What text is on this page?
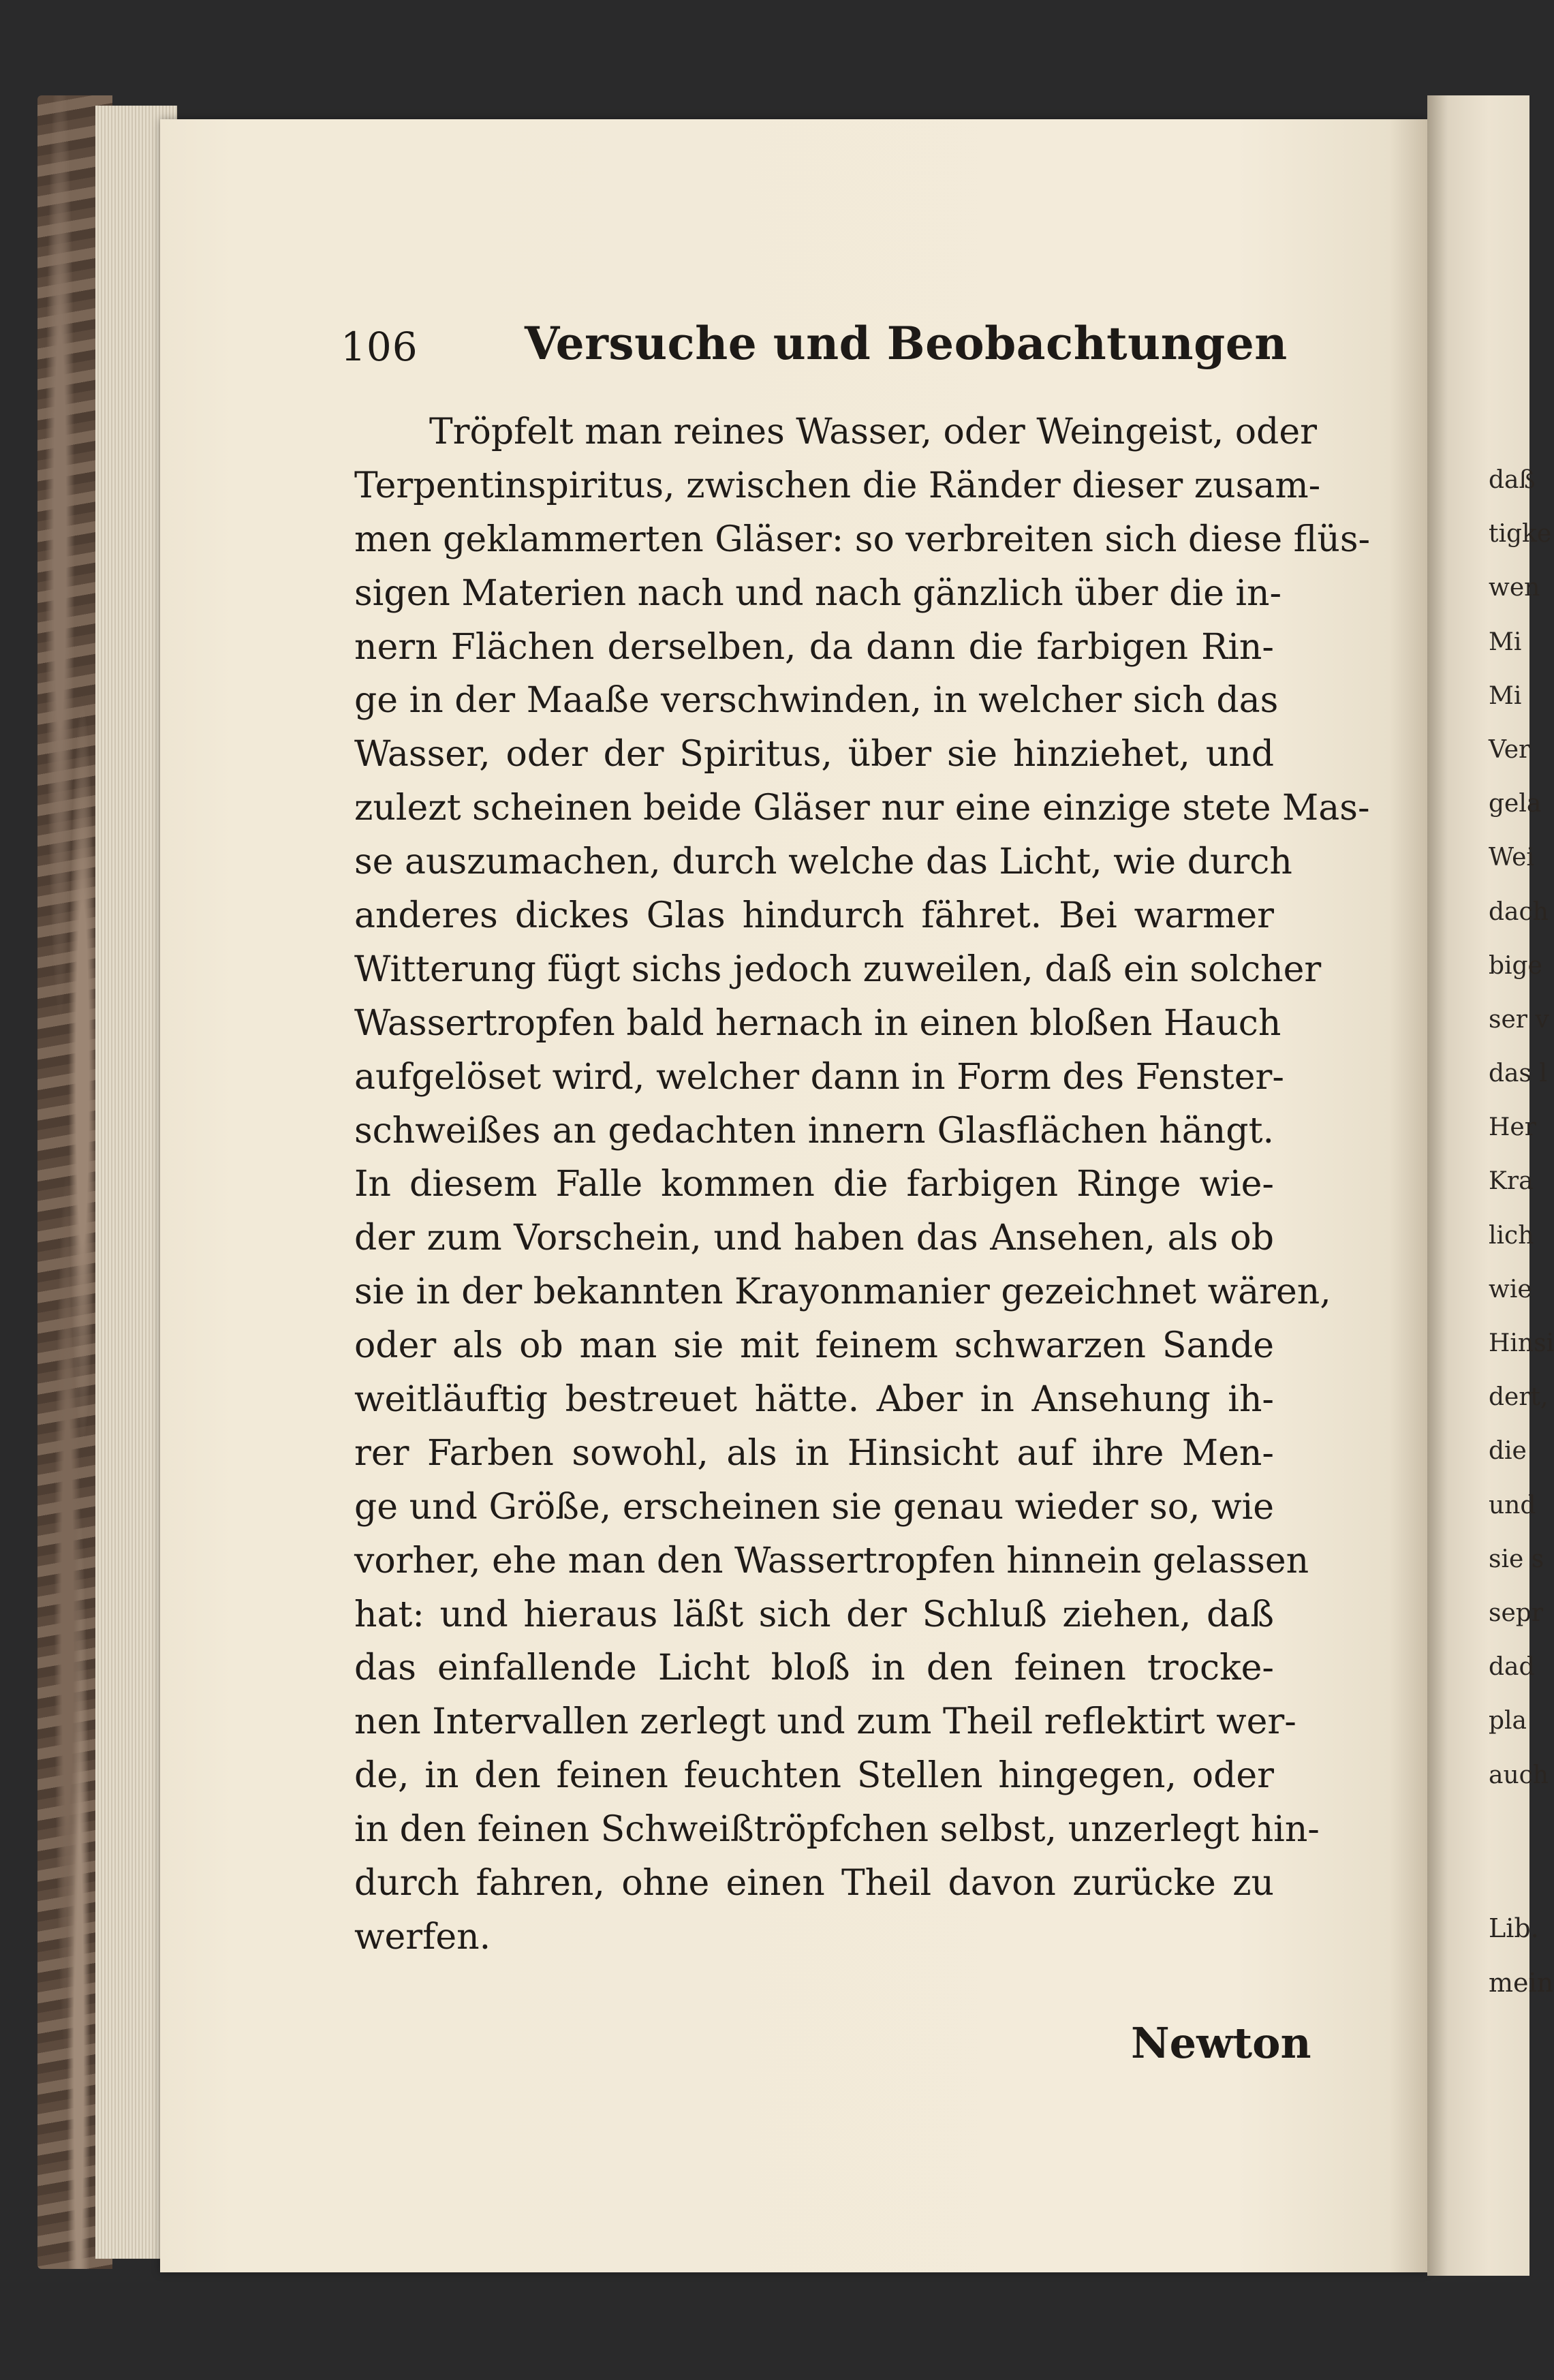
106 Versuche und Beobachtungen
Tröpfelt man reines Wasser, oder Weingeist, oder
Terpentinspiritus, zwischen die Ränder dieser zusam-
men geklammerten Gläser: so verbreiten sich diese flüs-
sigen Materien nach und nach gänzlich über die in-
nern Flächen derselben, da dann die farbigen Rin-
ge in der Maaße verschwinden, in welcher sich das
Wasser, oder der Spiritus, über sie hinziehet, und
zulezt scheinen beide Gläser nur eine einzige stete Mas-
se auszumachen, durch welche das Licht, wie durch
anderes dickes Glas hindurch fähret. Bei warmer
Witterung fügt sichs jedoch zuweilen, daß ein solcher
Wassertropfen bald hernach in einen bloßen Hauch
aufgelöset wird, welcher dann in Form des Fenster-
schweißes an gedachten innern Glasflächen hängt.
In diesem Falle kommen die farbigen Ringe wie-
der zum Vorschein, und haben das Ansehen, als ob
sie in der bekannten Krayonmanier gezeichnet wären,
oder als ob man sie mit feinem schwarzen Sande
weitläuftig bestreuet hätte. Aber in Ansehung ih-
rer Farben sowohl, als in Hinsicht auf ihre Men-
ge und Größe, erscheinen sie genau wieder so, wie
vorher, ehe man den Wassertropfen hinnein gelassen
hat: und hieraus läßt sich der Schluß ziehen, daß
das einfallende Licht bloß in den feinen trocke-
nen Intervallen zerlegt und zum Theil reflektirt wer-
de, in den feinen feuchten Stellen hingegen, oder
in den feinen Schweißtröpfchen selbst, unzerlegt hin-
durch fahren, ohne einen Theil davon zurücke zu
werfen.
Newton
daß
tigke
wen
Mi
Mi
Ver
gela
Wei
dach
bige
ser v
das l
Her
Kra
lich
wie
Hinsi
dert,
die
und
sie s
sepr
dad
pla
auch
Lib.
mein
